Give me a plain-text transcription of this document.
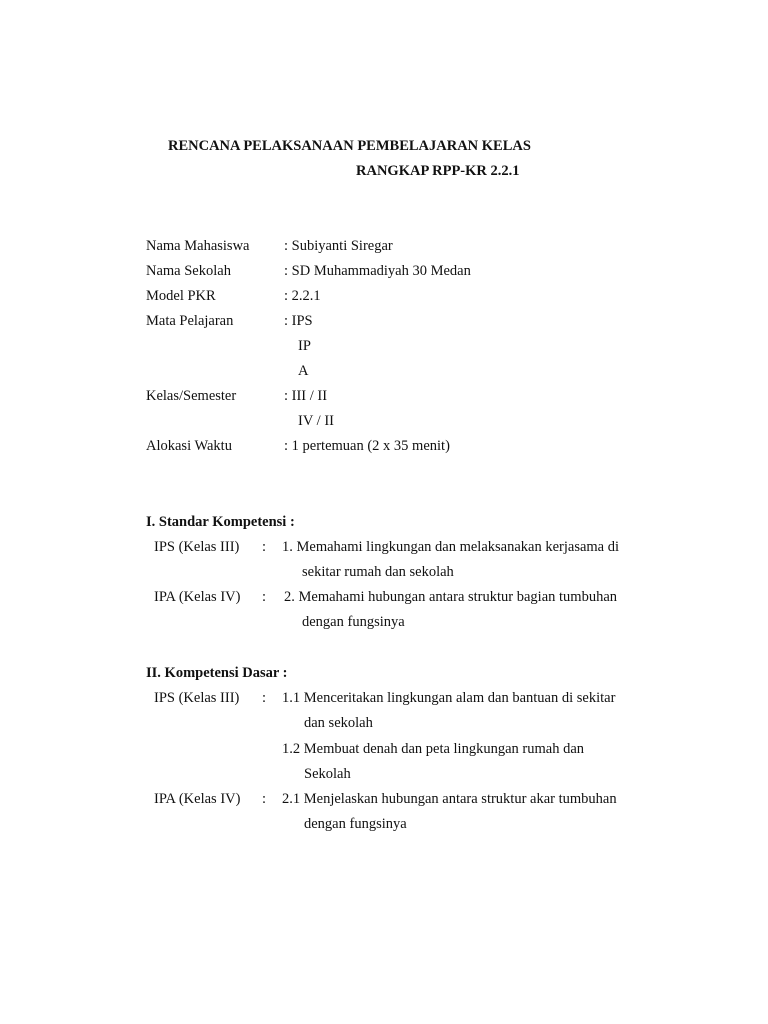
RENCANA PELAKSANAAN PEMBELAJARAN KELAS
RANGKAP RPP-KR 2.2.1
Nama Mahasiswa : Subiyanti Siregar
Nama Sekolah	: SD Muhammadiyah 30 Medan
Model PKR	: 2.2.1
Mata Pelajaran	: IPS
IP
A
Kelas/Semester	: III / II
IV / II
Alokasi Waktu	: 1 pertemuan (2 x 35 menit)
I. Standar Kompetensi :
IPS (Kelas III) : 1. Memahami lingkungan dan melaksanakan kerjasama di
sekitar rumah dan sekolah
IPA (Kelas IV) : 2. Memahami hubungan antara struktur bagian tumbuhan
dengan fungsinya
II. Kompetensi Dasar :
IPS (Kelas III) : 1.1 Menceritakan lingkungan alam dan bantuan di sekitar
dan sekolah
1.2 Membuat denah dan peta lingkungan rumah dan
Sekolah
IPA (Kelas IV) : 2.1 Menjelaskan hubungan antara struktur akar tumbuhan
dengan fungsinya
